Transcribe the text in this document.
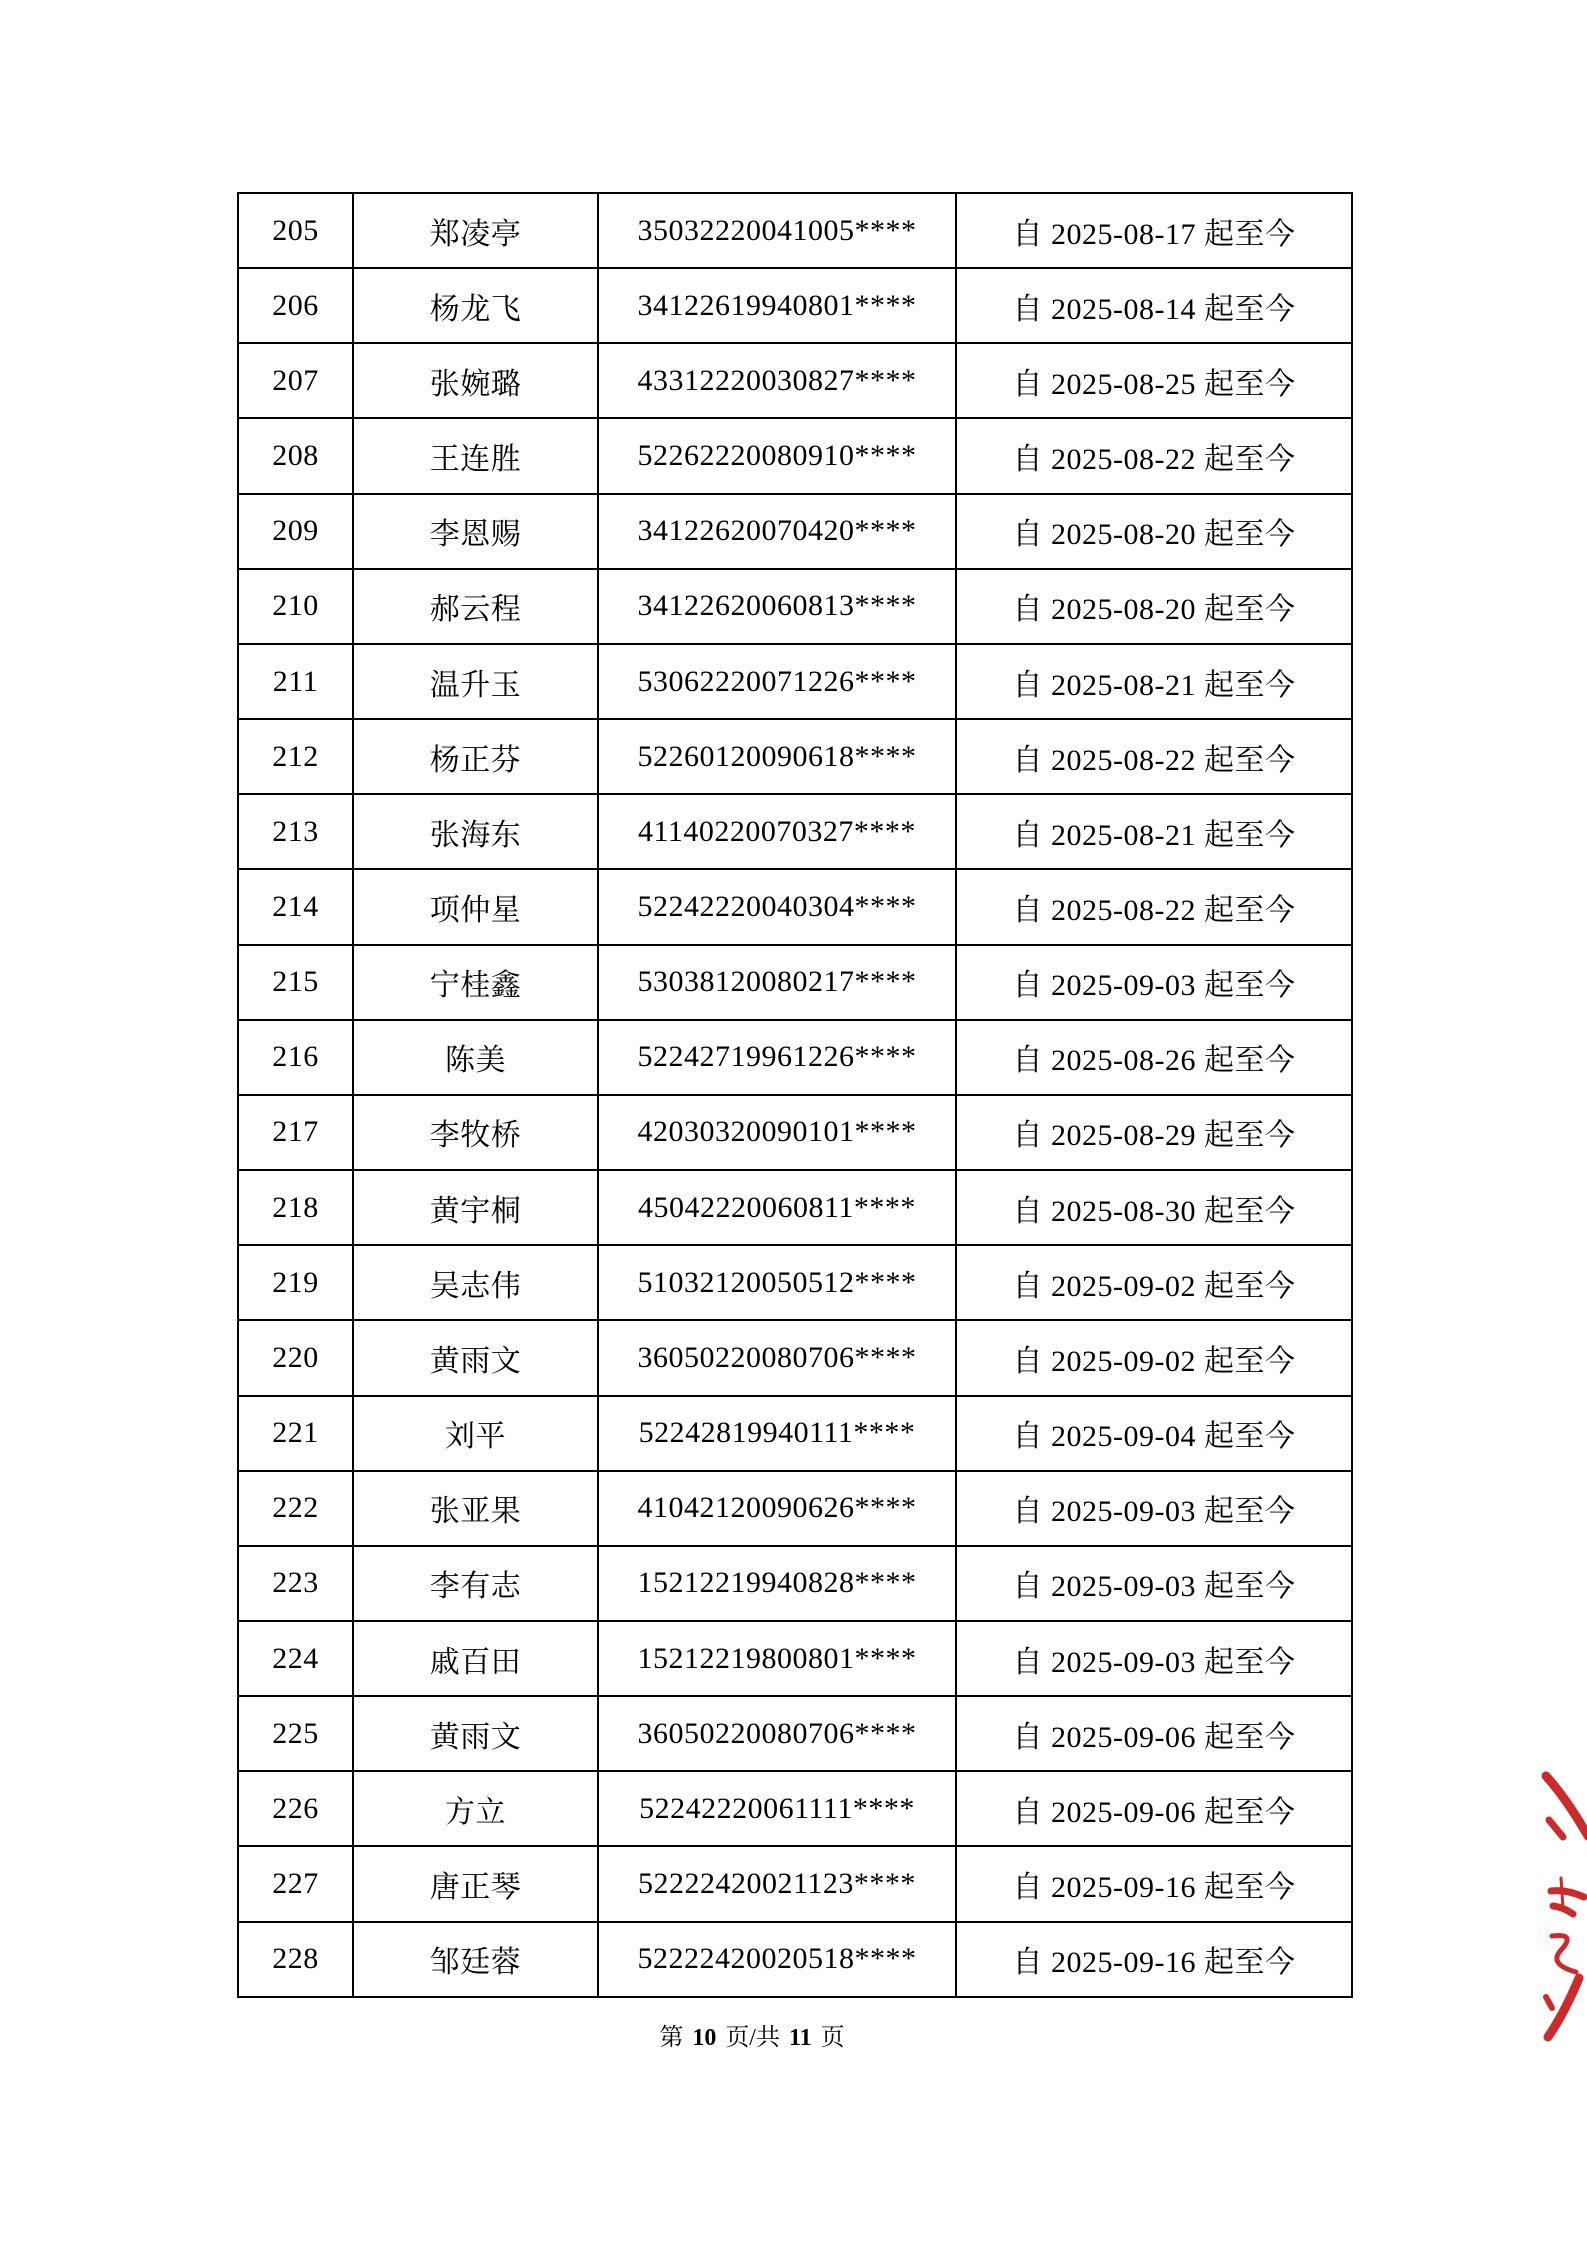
205	郑凌亭	35032220041005****	自 2025-08-17 起至今
206	杨龙飞	34122619940801****	自 2025-08-14 起至今
207	张婉璐	43312220030827****	自 2025-08-25 起至今
208	王连胜	52262220080910****	自 2025-08-22 起至今
209	李恩赐	34122620070420****	自 2025-08-20 起至今
210	郝云程	34122620060813****	自 2025-08-20 起至今
211	温升玉	53062220071226****	自 2025-08-21 起至今
212	杨正芬	52260120090618****	自 2025-08-22 起至今
213	张海东	41140220070327****	自 2025-08-21 起至今
214	项仲星	52242220040304****	自 2025-08-22 起至今
215	宁桂鑫	53038120080217****	自 2025-09-03 起至今
216	陈美	52242719961226****	自 2025-08-26 起至今
217	李牧桥	42030320090101****	自 2025-08-29 起至今
218	黄宇桐	45042220060811****	自 2025-08-30 起至今
219	吴志伟	51032120050512****	自 2025-09-02 起至今
220	黄雨文	36050220080706****	自 2025-09-02 起至今
221	刘平	52242819940111****	自 2025-09-04 起至今
222	张亚果	41042120090626****	自 2025-09-03 起至今
223	李有志	15212219940828****	自 2025-09-03 起至今
224	戚百田	15212219800801****	自 2025-09-03 起至今
225	黄雨文	36050220080706****	自 2025-09-06 起至今
226	方立	52242220061111****	自 2025-09-06 起至今
227	唐正琴	52222420021123****	自 2025-09-16 起至今
228	邹廷蓉	52222420020518****	自 2025-09-16 起至今
第 10 页/共 11 页
